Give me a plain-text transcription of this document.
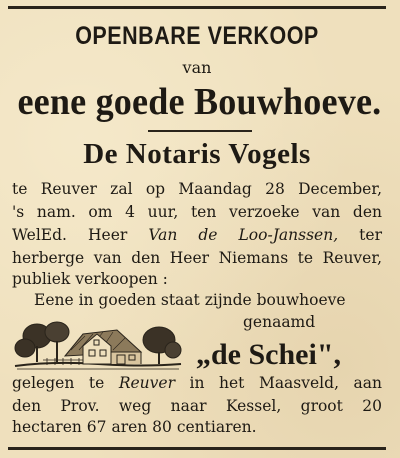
OPENBARE VERKOOP
van
eene goede Bouwhoeve.
De Notaris Vogels
te Reuver zal op Maandag 28 December,
's nam. om 4 uur, ten verzoeke van den
WelEd. Heer Van de Loo-Janssen, ter
herberge van den Heer Niemans te Reuver,
publiek verkoopen :
Eene in goeden staat zijnde bouwhoeve
genaamd
„de Schei",
gelegen te Reuver in het Maasveld, aan
den Prov. weg naar Kessel, groot 20
hectaren 67 aren 80 centiaren.
